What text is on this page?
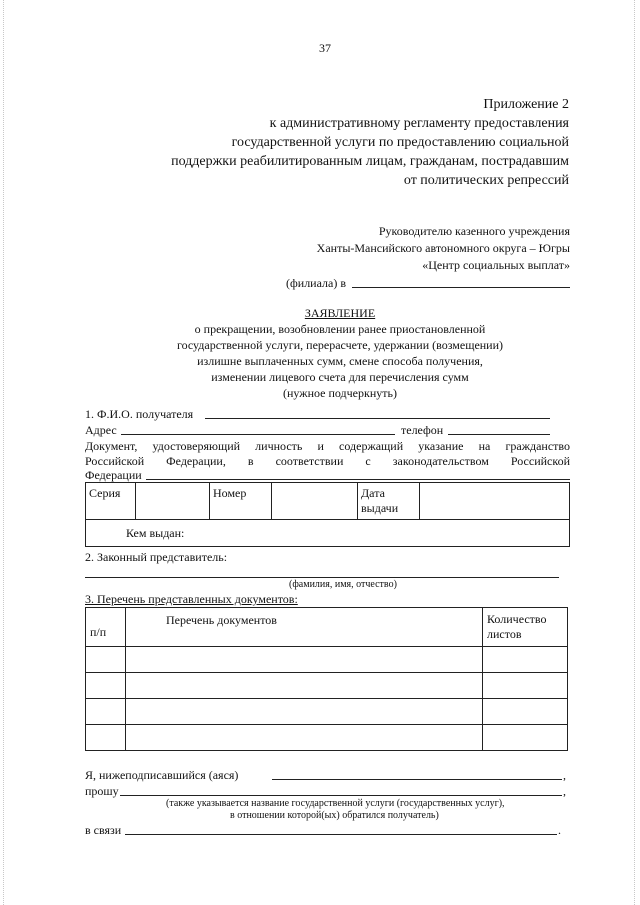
37
Приложение 2
к административному регламенту предоставления
государственной услуги по предоставлению социальной
поддержки реабилитированным лицам, гражданам, пострадавшим
от политических репрессий
Руководителю казенного учреждения
Ханты-Мансийского автономного округа – Югры
«Центр социальных выплат»
(филиала) в
ЗАЯВЛЕНИЕ
о прекращении, возобновлении ранее приостановленной
государственной услуги, перерасчете, удержании (возмещении)
излишне выплаченных сумм, смене способа получения,
изменении лицевого счета для перечисления сумм
(нужное подчеркнуть)
1. Ф.И.О. получателя
Адрес	телефон
Документ, удостоверяющий личность и содержащий указание на гражданство
Российской Федерации, в соответствии с законодательством Российской
Федерации
Серия		Номер		Дата
выдачи

Кем выдан:
2. Законный представитель:
(фамилия, имя, отчество)
3. Перечень представленных документов:
п/п	Перечень документов	Количество
листов

Я, нижеподписавшийся (аяся)	,
прошу	,
(также указывается название государственной услуги (государственных услуг),
в отношении которой(ых) обратился получатель)
в связи	.
